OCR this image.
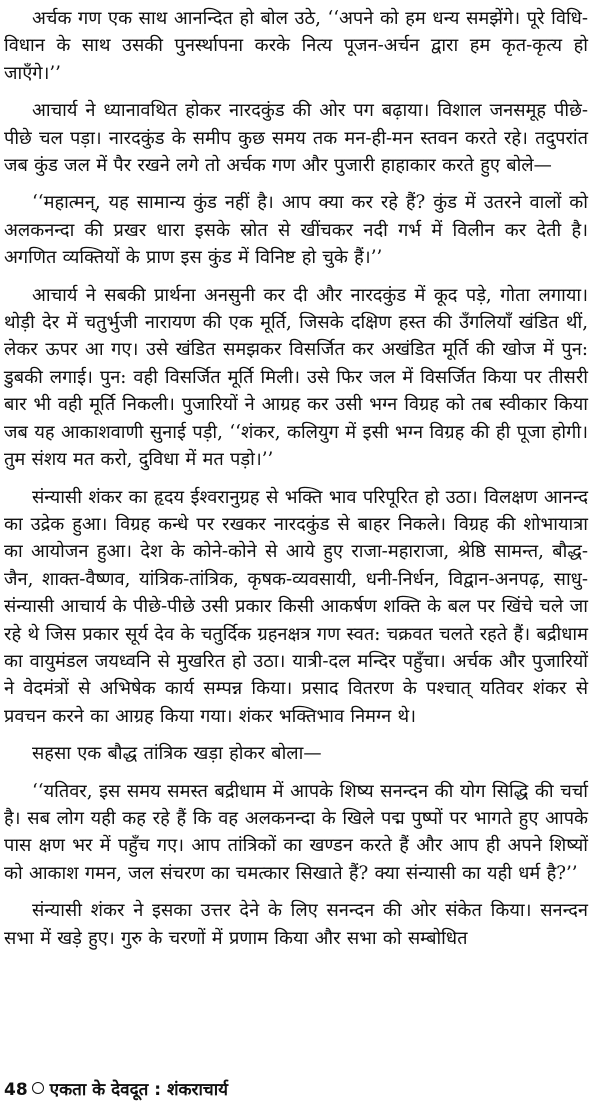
अर्चक गण एक साथ आनन्दित हो बोल उठे, ‘‘अपने को हम धन्य समझेंगे। पूरे विधि-विधान के साथ उसकी पुनर्स्थापना करके नित्य पूजन-अर्चन द्वारा हम कृत-कृत्य हो जाएँगे।’’

आचार्य ने ध्यानावथित होकर नारदकुंड की ओर पग बढ़ाया। विशाल जनसमूह पीछे-पीछे चल पड़ा। नारदकुंड के समीप कुछ समय तक मन-ही-मन स्तवन करते रहे। तदुपरांत जब कुंड जल में पैर रखने लगे तो अर्चक गण और पुजारी हाहाकार करते हुए बोले—

‘‘महात्मन्, यह सामान्य कुंड नहीं है। आप क्या कर रहे हैं? कुंड में उतरने वालों को अलकनन्दा की प्रखर धारा इसके स्रोत से खींचकर नदी गर्भ में विलीन कर देती है। अगणित व्यक्तियों के प्राण इस कुंड में विनिष्ट हो चुके हैं।’’

आचार्य ने सबकी प्रार्थना अनसुनी कर दी और नारदकुंड में कूद पड़े, गोता लगाया। थोड़ी देर में चतुर्भुजी नारायण की एक मूर्ति, जिसके दक्षिण हस्त की उँगलियाँ खंडित थीं, लेकर ऊपर आ गए। उसे खंडित समझकर विसर्जित कर अखंडित मूर्ति की खोज में पुन: डुबकी लगाई। पुन: वही विसर्जित मूर्ति मिली। उसे फिर जल में विसर्जित किया पर तीसरी बार भी वही मूर्ति निकली। पुजारियों ने आग्रह कर उसी भग्न विग्रह को तब स्वीकार किया जब यह आकाशवाणी सुनाई पड़ी, ‘‘शंकर, कलियुग में इसी भग्न विग्रह की ही पूजा होगी। तुम संशय मत करो, दुविधा में मत पड़ो।’’

संन्यासी शंकर का हृदय ईश्वरानुग्रह से भक्ति भाव परिपूरित हो उठा। विलक्षण आनन्द का उद्रेक हुआ। विग्रह कन्धे पर रखकर नारदकुंड से बाहर निकले। विग्रह की शोभायात्रा का आयोजन हुआ। देश के कोने-कोने से आये हुए राजा-महाराजा, श्रेष्ठि सामन्त, बौद्ध-जैन, शाक्त-वैष्णव, यांत्रिक-तांत्रिक, कृषक-व्यवसायी, धनी-निर्धन, विद्वान-अनपढ़, साधु-संन्यासी आचार्य के पीछे-पीछे उसी प्रकार किसी आकर्षण शक्ति के बल पर खिंचे चले जा रहे थे जिस प्रकार सूर्य देव के चतुर्दिक ग्रहनक्षत्र गण स्वत: चक्रवत चलते रहते हैं। बद्रीधाम का वायुमंडल जयध्वनि से मुखरित हो उठा। यात्री-दल मन्दिर पहुँचा। अर्चक और पुजारियों ने वेदमंत्रों से अभिषेक कार्य सम्पन्न किया। प्रसाद वितरण के पश्चात् यतिवर शंकर से प्रवचन करने का आग्रह किया गया। शंकर भक्तिभाव निमग्न थे।

सहसा एक बौद्ध तांत्रिक खड़ा होकर बोला—

‘‘यतिवर, इस समय समस्त बद्रीधाम में आपके शिष्य सनन्दन की योग सिद्धि की चर्चा है। सब लोग यही कह रहे हैं कि वह अलकनन्दा के खिले पद्म पुष्पों पर भागते हुए आपके पास क्षण भर में पहुँच गए। आप तांत्रिकों का खण्डन करते हैं और आप ही अपने शिष्यों को आकाश गमन, जल संचरण का चमत्कार सिखाते हैं? क्या संन्यासी का यही धर्म है?’’

संन्यासी शंकर ने इसका उत्तर देने के लिए सनन्दन की ओर संकेत किया। सनन्दन सभा में खड़े हुए। गुरु के चरणों में प्रणाम किया और सभा को सम्बोधित

48 एकता के देवदूत : शंकराचार्य
